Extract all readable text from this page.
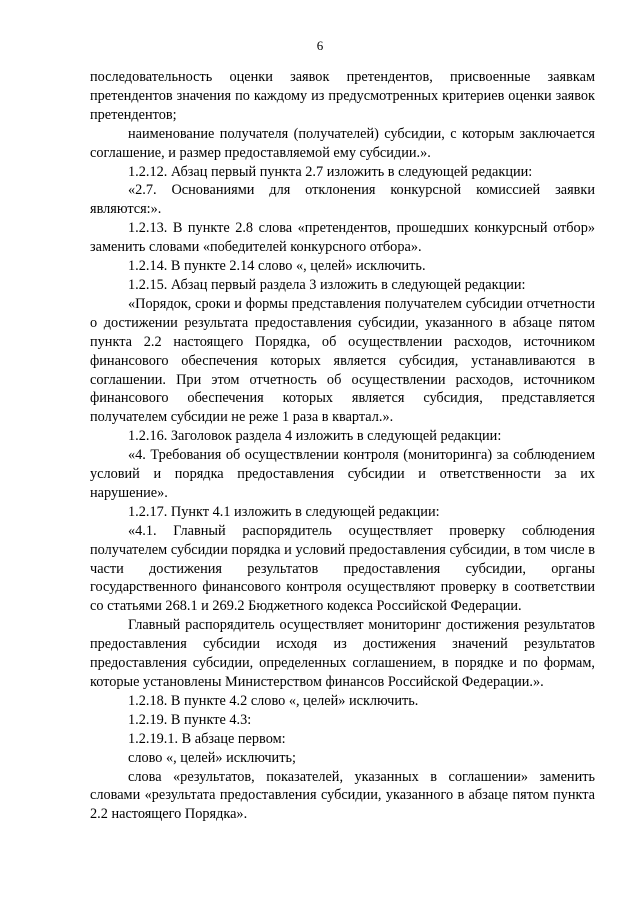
6

последовательность оценки заявок претендентов, присвоенные заявкам претендентов значения по каждому из предусмотренных критериев оценки заявок претендентов;

наименование получателя (получателей) субсидии, с которым заключается соглашение, и размер предоставляемой ему субсидии.».

1.2.12. Абзац первый пункта 2.7 изложить в следующей редакции:

«2.7. Основаниями для отклонения конкурсной комиссией заявки являются:».

1.2.13. В пункте 2.8 слова «претендентов, прошедших конкурсный отбор» заменить словами «победителей конкурсного отбора».

1.2.14. В пункте 2.14 слово «, целей» исключить.

1.2.15. Абзац первый раздела 3 изложить в следующей редакции:

«Порядок, сроки и формы представления получателем субсидии отчетности о достижении результата предоставления субсидии, указанного в абзаце пятом пункта 2.2 настоящего Порядка, об осуществлении расходов, источником финансового обеспечения которых является субсидия, устанавливаются в соглашении. При этом отчетность об осуществлении расходов, источником финансового обеспечения которых является субсидия, представляется получателем субсидии не реже 1 раза в квартал.».

1.2.16. Заголовок раздела 4 изложить в следующей редакции:

«4. Требования об осуществлении контроля (мониторинга) за соблюдением условий и порядка предоставления субсидии и ответственности за их нарушение».

1.2.17. Пункт 4.1 изложить в следующей редакции:

«4.1. Главный распорядитель осуществляет проверку соблюдения получателем субсидии порядка и условий предоставления субсидии, в том числе в части достижения результатов предоставления субсидии, органы государственного финансового контроля осуществляют проверку в соответствии со статьями 268.1 и 269.2 Бюджетного кодекса Российской Федерации.

Главный распорядитель осуществляет мониторинг достижения результатов предоставления субсидии исходя из достижения значений результатов предоставления субсидии, определенных соглашением, в порядке и по формам, которые установлены Министерством финансов Российской Федерации.».

1.2.18. В пункте 4.2 слово «, целей» исключить.

1.2.19. В пункте 4.3:

1.2.19.1. В абзаце первом:

слово «, целей» исключить;

слова «результатов, показателей, указанных в соглашении» заменить словами «результата предоставления субсидии, указанного в абзаце пятом пункта 2.2 настоящего Порядка».
